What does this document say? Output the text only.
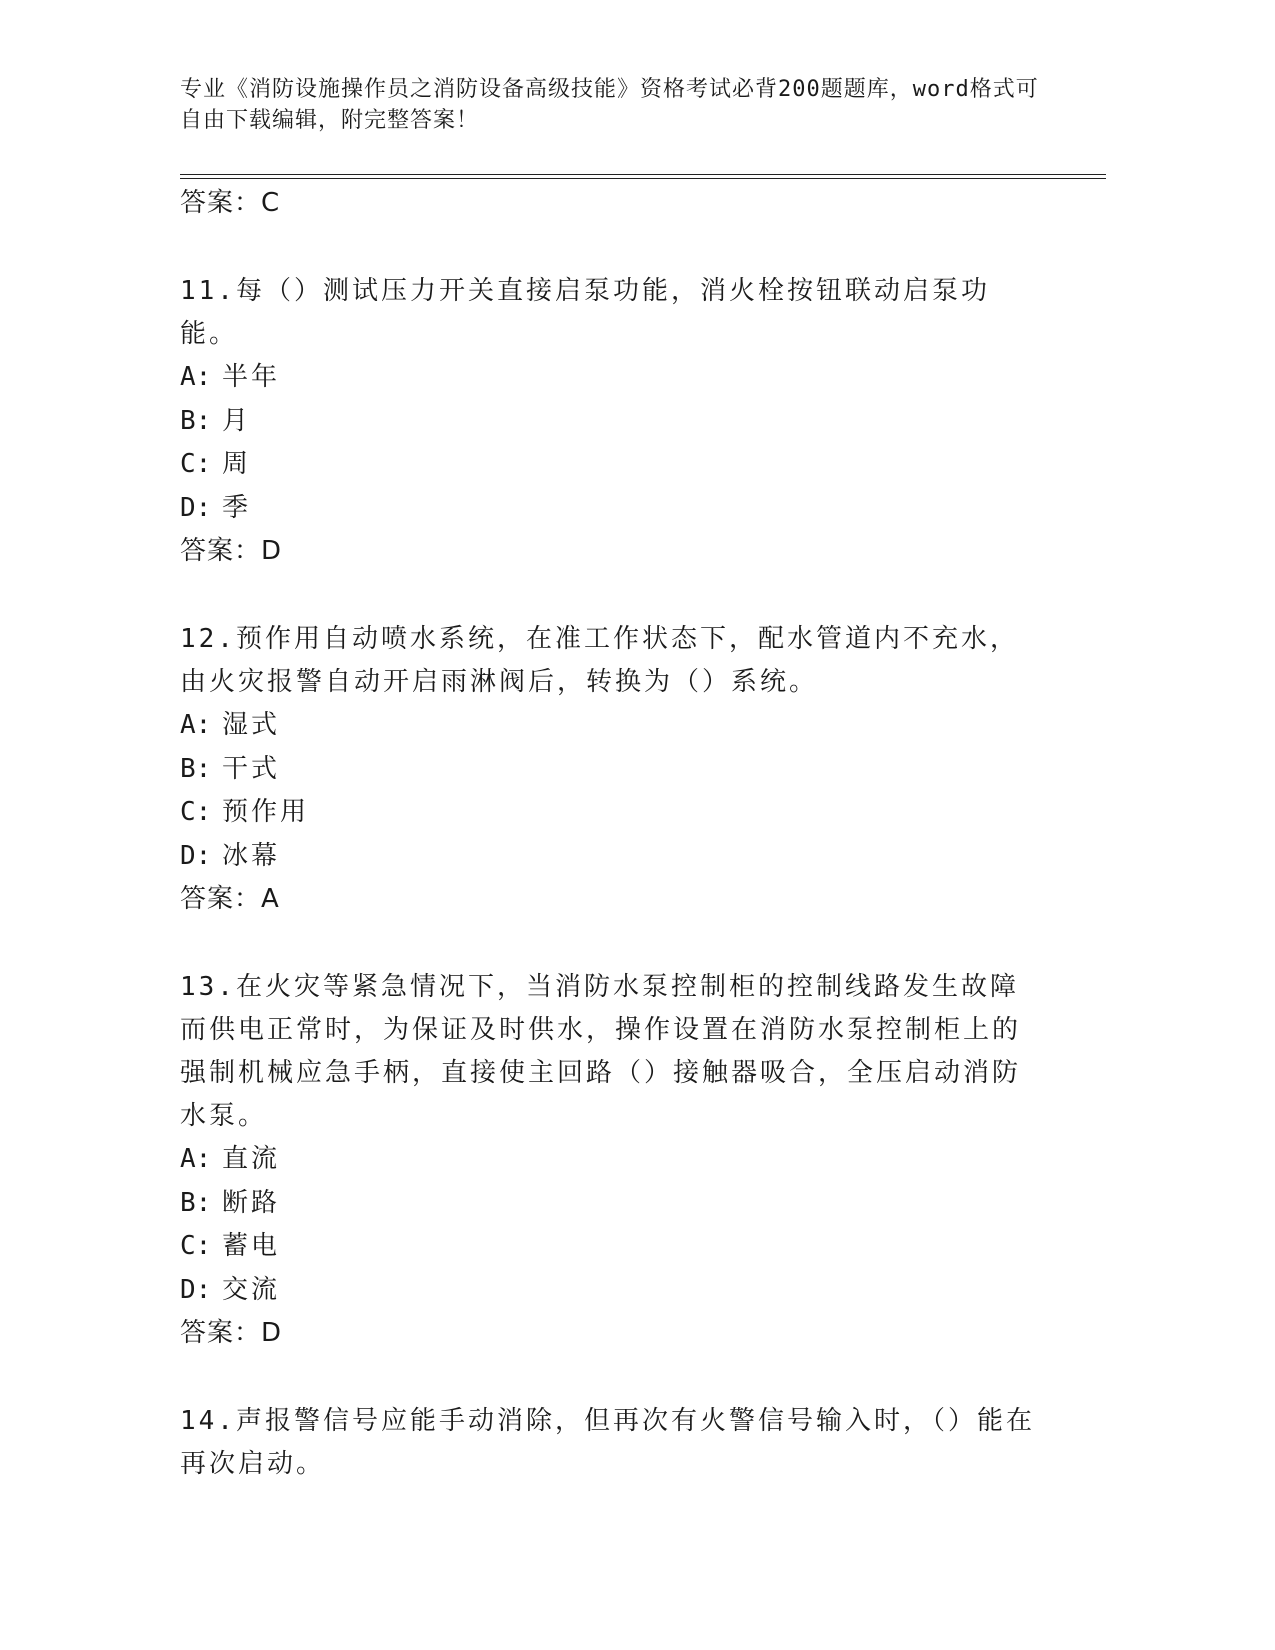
专业《消防设施操作员之消防设备高级技能》资格考试必背200题题库，word格式可自由下载编辑，附完整答案！
答案：C
11.每（）测试压力开关直接启泵功能，消火栓按钮联动启泵功能。
A: 半年
B: 月
C: 周
D: 季
答案：D
12.预作用自动喷水系统，在准工作状态下，配水管道内不充水，由火灾报警自动开启雨淋阀后，转换为（）系统。
A: 湿式
B: 干式
C: 预作用
D: 冰幕
答案：A
13.在火灾等紧急情况下，当消防水泵控制柜的控制线路发生故障而供电正常时，为保证及时供水，操作设置在消防水泵控制柜上的强制机械应急手柄，直接使主回路（）接触器吸合，全压启动消防水泵。
A: 直流
B: 断路
C: 蓄电
D: 交流
答案：D
14.声报警信号应能手动消除，但再次有火警信号输入时，（）能在再次启动。
